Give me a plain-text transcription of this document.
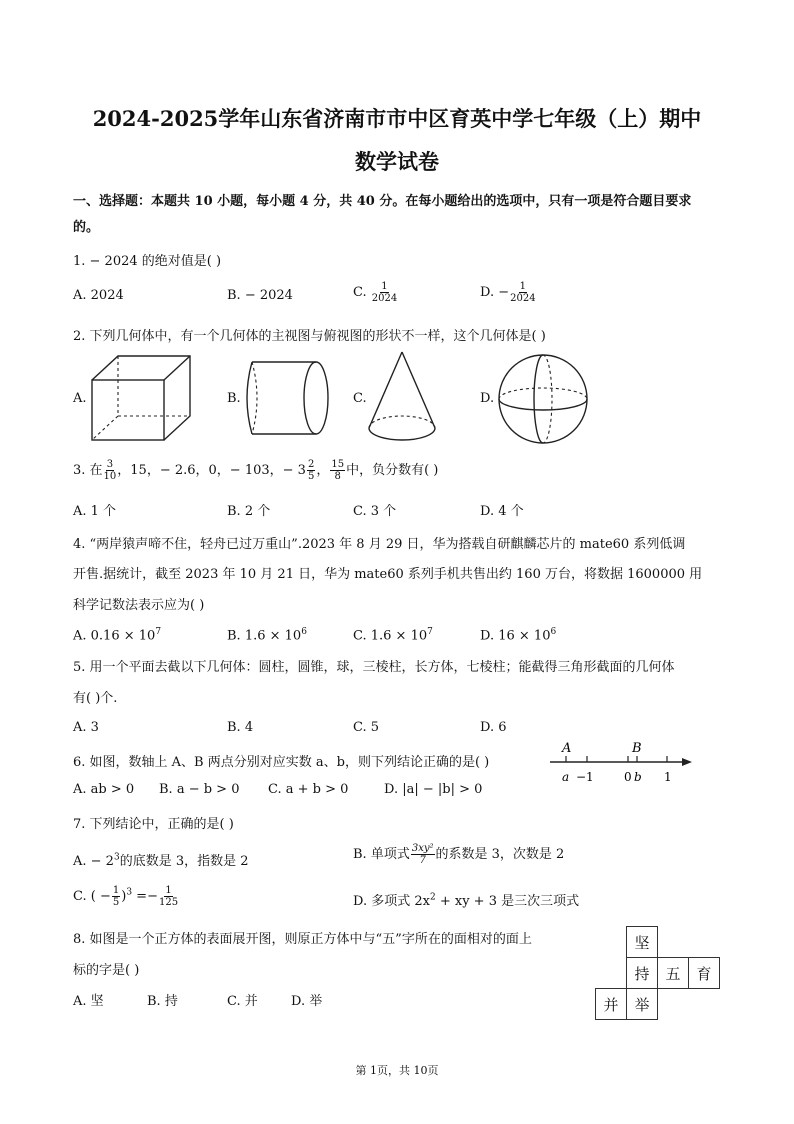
2024-2025学年山东省济南市市中区育英中学七年级（上）期中
数学试卷
一、选择题：本题共 10 小题，每小题 4 分，共 40 分。在每小题给出的选项中，只有一项是符合题目要求
的。
1. − 2024 的绝对值是( )
A. 2024	B. − 2024	C. $\frac{1}{2024}$	D. − $\frac{1}{2024}$
2. 下列几何体中，有一个几何体的主视图与俯视图的形状不一样，这个几何体是( )
A.	B.	C.	D.
3. 在 $\frac{3}{10}$ ，15，− 2.6，0，− 103，− $3 \frac{2}{5}$ ， $\frac{15}{8}$ 中，负分数有( )
A. 1 个	B. 2 个	C. 3 个	D. 4 个
4. “两岸猿声啼不住，轻舟已过万重山”.2023 年 8 月 29 日，华为搭载自研麒麟芯片的 mate60 系列低调
开售.据统计，截至 2023 年 10 月 21 日，华为 mate60 系列手机共售出约 160 万台，将数据 1600000 用
科学记数法表示应为( )
A. $0.16 \times 10^7$	B. $1.6 \times 10^6$	C. $1.6 \times 10^7$	D. $16 \times 10^6$
5. 用一个平面去截以下几何体：圆柱，圆锥，球，三棱柱，长方体，七棱柱；能截得三角形截面的几何体
有( )个.
A. 3	B. 4	C. 5	D. 6
6. 如图，数轴上 A、B 两点分别对应实数 a、b，则下列结论正确的是( )
A. ab > 0 B. a − b > 0 C. a + b > 0	D. |a| − |b| > 0
A	B
a −1	0 b 1
7. 下列结论中，正确的是( )
A. − $2^3$的底数是 3，指数是 2	B. 单项式 $\frac{\text{3xy²}}{7}$ 的系数是 3，次数是 2
C. ( − $\frac{1}{5} )^3 =- \frac{1}{125}$	D. 多项式 $2x^2$ + xy + 3 是三次三项式
8. 如图是一个正方体的表面展开图，则原正方体中与“五”字所在的面相对的面上
标的字是( )
A. 坚	B. 持	C. 并	D. 举
坚
持	五	育
并	举
第 1页，共 10页
